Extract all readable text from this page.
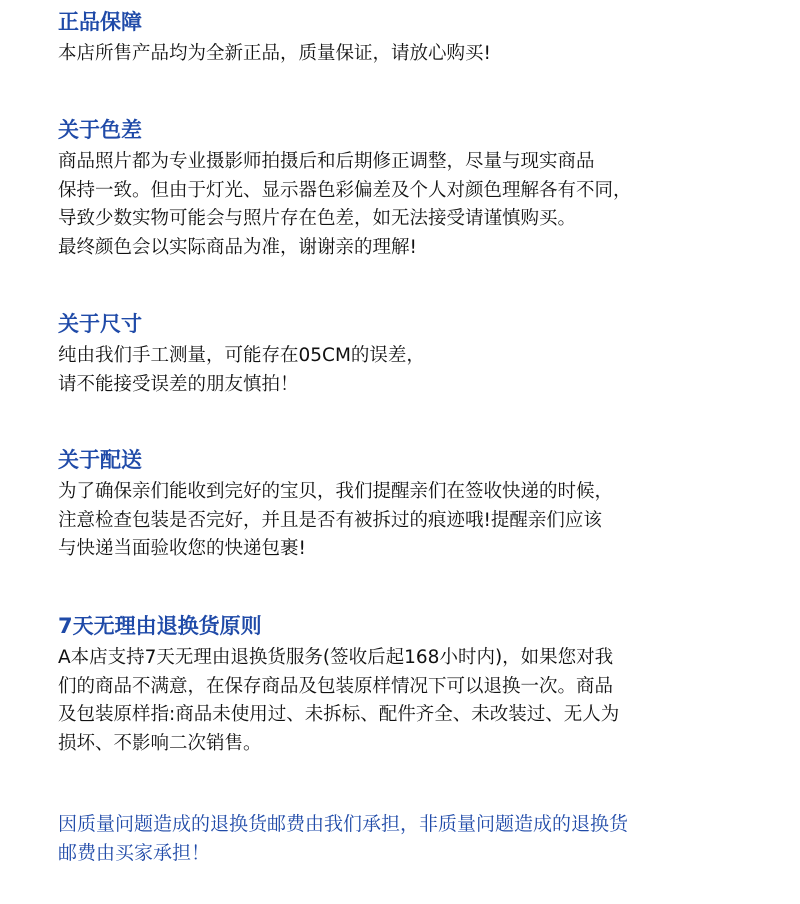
正品保障
本店所售产品均为全新正品，质量保证，请放心购买!
关于色差
商品照片都为专业摄影师拍摄后和后期修正调整，尽量与现实商品
保持一致。但由于灯光、显示器色彩偏差及个人对颜色理解各有不同，
导致少数实物可能会与照片存在色差，如无法接受请谨慎购买。
最终颜色会以实际商品为准，谢谢亲的理解!
关于尺寸
纯由我们手工测量，可能存在05CM的误差，
请不能接受误差的朋友慎拍！
关于配送
为了确保亲们能收到完好的宝贝，我们提醒亲们在签收快递的时候，
注意检查包装是否完好，并且是否有被拆过的痕迹哦!提醒亲们应该
与快递当面验收您的快递包裹!
7天无理由退换货原则
A本店支持7天无理由退换货服务(签收后起168小时内)，如果您对我
们的商品不满意，在保存商品及包装原样情况下可以退换一次。商品
及包装原样指:商品未使用过、未拆标、配件齐全、未改装过、无人为
损坏、不影响二次销售。
因质量问题造成的退换货邮费由我们承担，非质量问题造成的退换货
邮费由买家承担！
